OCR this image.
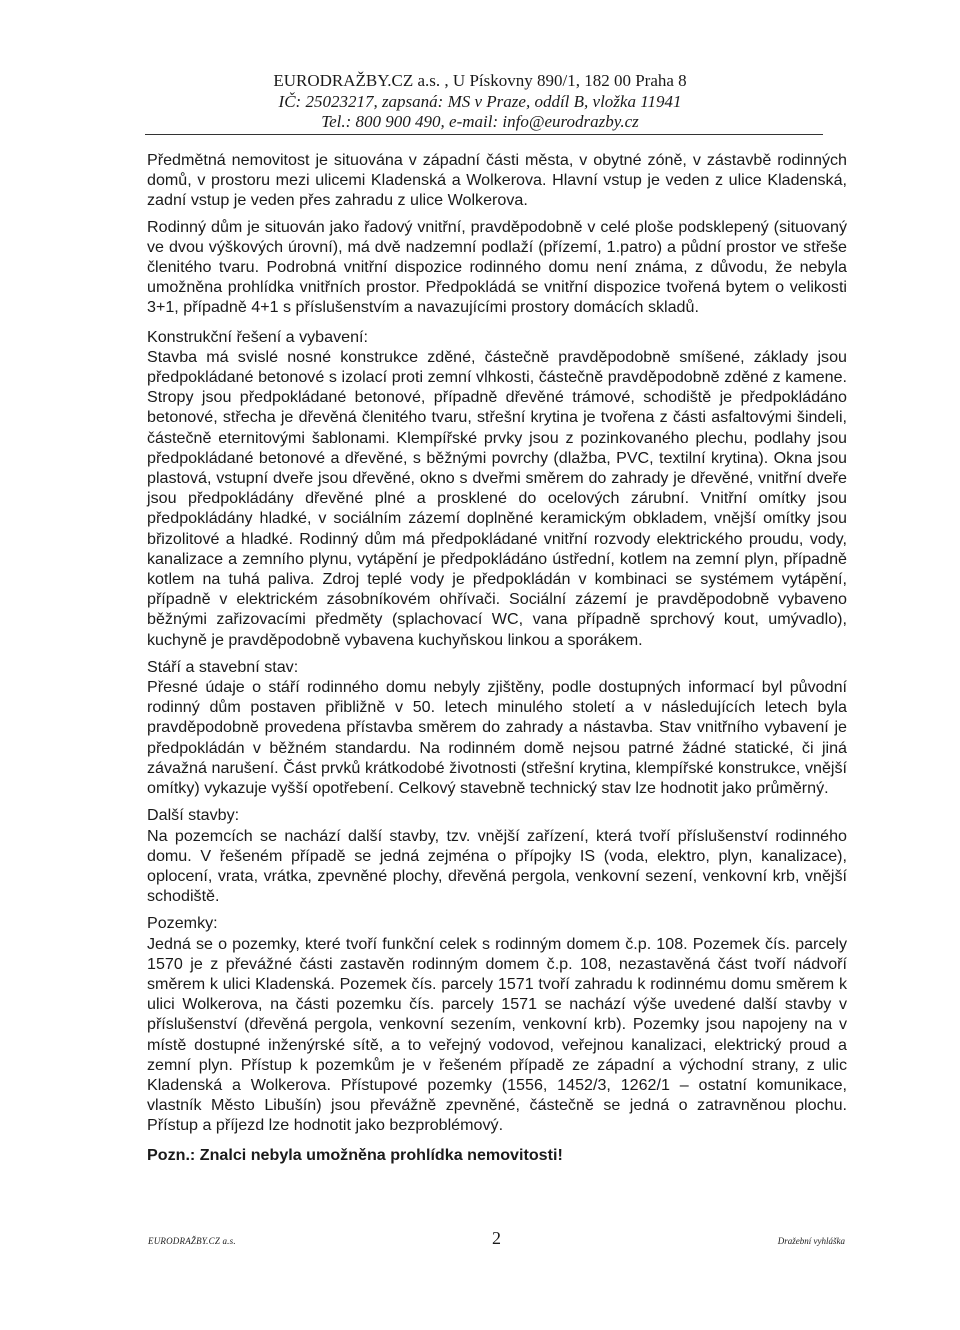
EURODRAŽBY.CZ a.s. , U Pískovny 890/1, 182 00 Praha 8
IČ: 25023217, zapsaná: MS v Praze, oddíl B, vložka 11941
Tel.: 800 900 490, e-mail: info@eurodrazby.cz

Předmětná nemovitost je situována v západní části města, v obytné zóně, v zástavbě rodinných domů, v prostoru mezi ulicemi Kladenská a Wolkerova. Hlavní vstup je veden z ulice Kladenská, zadní vstup je veden přes zahradu z ulice Wolkerova.

Rodinný dům je situován jako řadový vnitřní, pravděpodobně v celé ploše podsklepený (situovaný ve dvou výškových úrovní), má dvě nadzemní podlaží (přízemí, 1.patro) a půdní prostor ve střeše členitého tvaru. Podrobná vnitřní dispozice rodinného domu není známa, z důvodu, že nebyla umožněna prohlídka vnitřních prostor. Předpokládá se vnitřní dispozice tvořená bytem o velikosti 3+1, případně 4+1 s příslušenstvím a navazujícími prostory domácích skladů.

Konstrukční řešení a vybavení:

Stavba má svislé nosné konstrukce zděné, částečně pravděpodobně smíšené, základy jsou předpokládané betonové s izolací proti zemní vlhkosti, částečně pravděpodobně zděné z kamene. Stropy jsou předpokládané betonové, případně dřevěné trámové, schodiště je předpokládáno betonové, střecha je dřevěná členitého tvaru, střešní krytina je tvořena z části asfaltovými šindeli, částečně eternitovými šablonami. Klempířské prvky jsou z pozinkovaného plechu, podlahy jsou předpokládané betonové a dřevěné, s běžnými povrchy (dlažba, PVC, textilní krytina). Okna jsou plastová, vstupní dveře jsou dřevěné, okno s dveřmi směrem do zahrady je dřevěné, vnitřní dveře jsou předpokládány dřevěné plné a prosklené do ocelových zárubní. Vnitřní omítky jsou předpokládány hladké, v sociálním zázemí doplněné keramickým obkladem, vnější omítky jsou břizolitové a hladké. Rodinný dům má předpokládané vnitřní rozvody elektrického proudu, vody, kanalizace a zemního plynu, vytápění je předpokládáno ústřední, kotlem na zemní plyn, případně kotlem na tuhá paliva. Zdroj teplé vody je předpokládán v kombinaci se systémem vytápění, případně v elektrickém zásobníkovém ohřívači. Sociální zázemí je pravděpodobně vybaveno běžnými zařizovacími předměty (splachovací WC, vana případně sprchový kout, umývadlo), kuchyně je pravděpodobně vybavena kuchyňskou linkou a sporákem.

Stáří a stavební stav:

Přesné údaje o stáří rodinného domu nebyly zjištěny, podle dostupných informací byl původní rodinný dům postaven přibližně v 50. letech minulého století a v následujících letech byla pravděpodobně provedena přístavba směrem do zahrady a nástavba. Stav vnitřního vybavení je předpokládán v běžném standardu. Na rodinném domě nejsou patrné žádné statické, či jiná závažná narušení. Část prvků krátkodobé životnosti (střešní krytina, klempířské konstrukce, vnější omítky) vykazuje vyšší opotřebení. Celkový stavebně technický stav lze hodnotit jako průměrný.

Další stavby:

Na pozemcích se nachází další stavby, tzv. vnější zařízení, která tvoří příslušenství rodinného domu. V řešeném případě se jedná zejména o přípojky IS (voda, elektro, plyn, kanalizace), oplocení, vrata, vrátka, zpevněné plochy, dřevěná pergola, venkovní sezení, venkovní krb, vnější schodiště.

Pozemky:

Jedná se o pozemky, které tvoří funkční celek s rodinným domem č.p. 108. Pozemek čís. parcely 1570 je z převážné části zastavěn rodinným domem č.p. 108, nezastavěná část tvoří nádvoří směrem k ulici Kladenská. Pozemek čís. parcely 1571 tvoří zahradu k rodinnému domu směrem k ulici Wolkerova, na části pozemku čís. parcely 1571 se nachází výše uvedené další stavby v příslušenství (dřevěná pergola, venkovní sezením, venkovní krb). Pozemky jsou napojeny na v místě dostupné inženýrské sítě, a to veřejný vodovod, veřejnou kanalizaci, elektrický proud a zemní plyn. Přístup k pozemkům je v řešeném případě ze západní a východní strany, z ulic Kladenská a Wolkerova. Přístupové pozemky (1556, 1452/3, 1262/1 – ostatní komunikace, vlastník Město Libušín) jsou převážně zpevněné, částečně se jedná o zatravněnou plochu. Přístup a příjezd lze hodnotit jako bezproblémový.

Pozn.: Znalci nebyla umožněna prohlídka nemovitosti!

EURODRAŽBY.CZ a.s.	2	Dražební vyhláška
